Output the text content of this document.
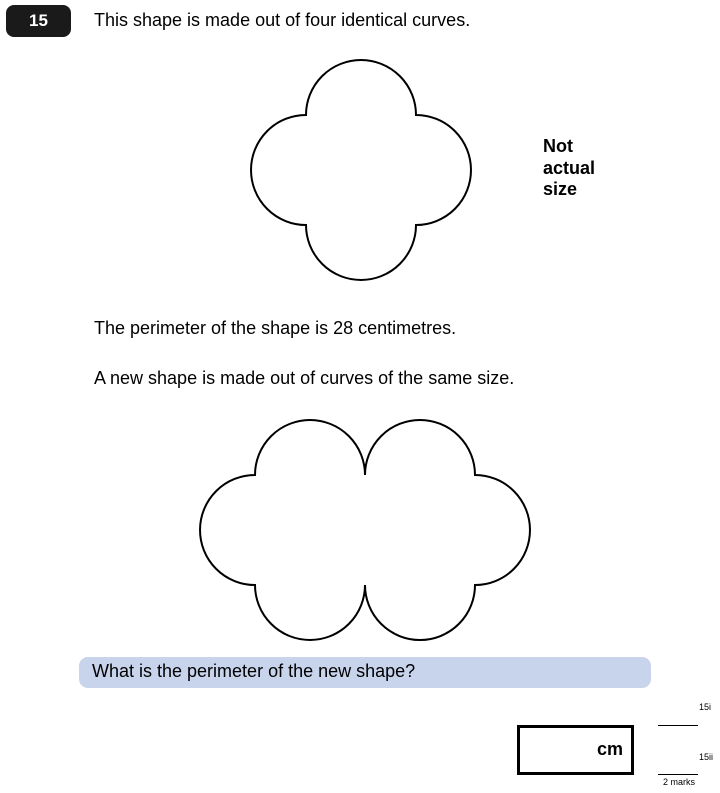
15	This shape is made out of four identical curves.
Not
actual
size
The perimeter of the shape is 28 centimetres.
A new shape is made out of curves of the same size.
What is the perimeter of the new shape?
cm
15i
15ii
2 marks
